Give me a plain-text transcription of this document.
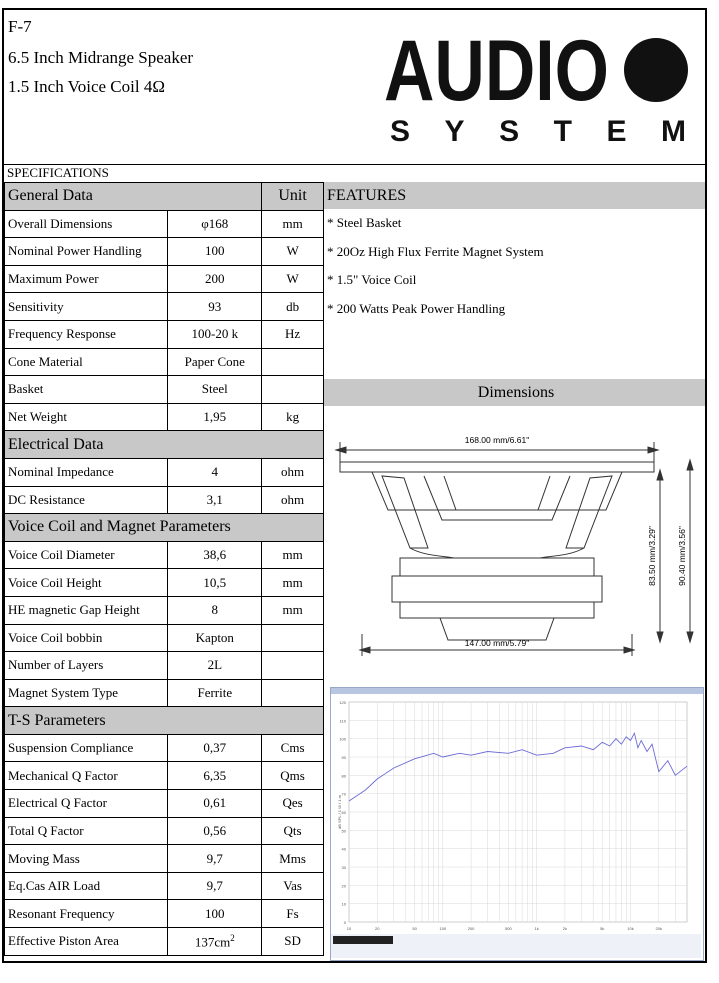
F-7
6.5 Inch Midrange Speaker
1.5 Inch Voice Coil 4Ω	AUDIO
SYSTEM
SPECIFICATIONS
General Data		Unit
Overall Dimensions	φ168	mm
Nominal Power Handling	100	W
Maximum Power	200	W
Sensitivity	93	db
Frequency Response	100-20 k	Hz
Cone Material	Paper Cone	
Basket	Steel	
Net Weight	1,95	kg
Electrical Data		
Nominal Impedance	4	ohm
DC Resistance	3,1	ohm
Voice Coil and Magnet Parameters		
Voice Coil Diameter	38,6	mm
Voice Coil Height	10,5	mm
HE magnetic Gap Height	8	mm
Voice Coil bobbin	Kapton	
Number of Layers	2L	
Magnet System Type	Ferrite	
T-S Parameters		
Suspension Compliance	0,37	Cms
Mechanical Q Factor	6,35	Qms
Electrical Q Factor	0,61	Qes
Total Q Factor	0,56	Qts
Moving Mass	9,7	Mms
Eq.Cas AIR Load	9,7	Vas
Resonant Frequency	100	Fs
Effective Piston Area	$137cm^2$	SD
FEATURES
* Steel Basket
* 20Oz High Flux Ferrite Magnet System
* 1.5" Voice Coil
* 200 Watts Peak Power Handling
Dimensions
168.00 mm/6.61"
147.00 mm/5.79"
83.50 mm/3.29" 90.40 mm/3.56"
0
10
20
30
40
50
60
70
80
90
100
110
120
10	20	50	100	200	500	1k	2k	5k	10k	20k
dB SPL / 1 W / 1 m
